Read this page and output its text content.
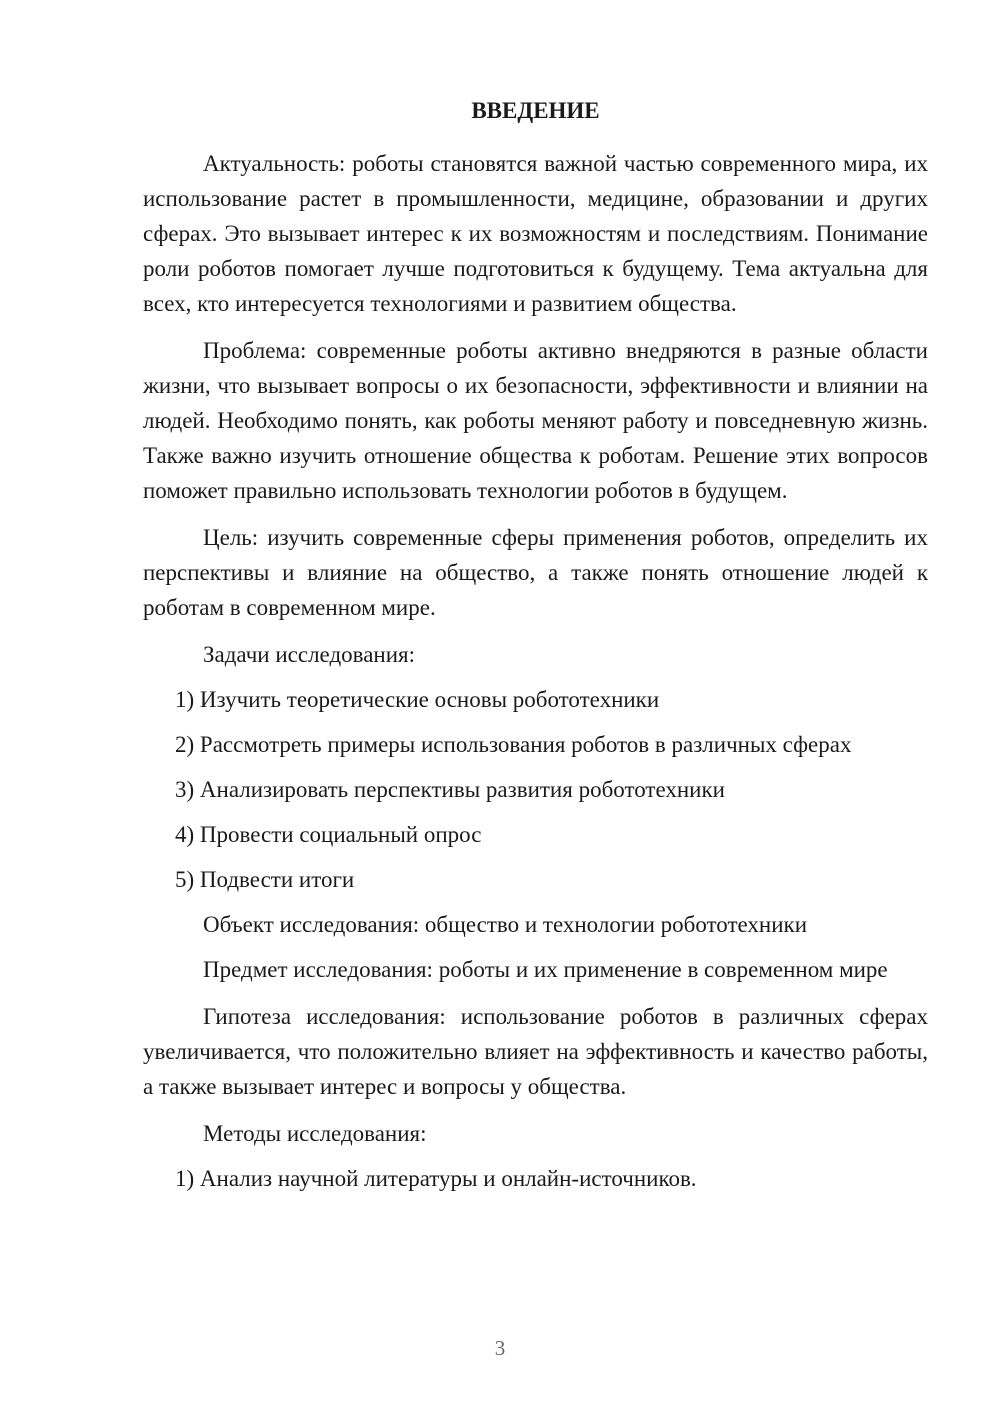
ВВЕДЕНИЕ

Актуальность: роботы становятся важной частью современного мира, их использование растет в промышленности, медицине, образовании и других сферах. Это вызывает интерес к их возможностям и последствиям. Понимание роли роботов помогает лучше подготовиться к будущему. Тема актуальна для всех, кто интересуется технологиями и развитием общества.

Проблема: современные роботы активно внедряются в разные области жизни, что вызывает вопросы о их безопасности, эффективности и влиянии на людей. Необходимо понять, как роботы меняют работу и повседневную жизнь. Также важно изучить отношение общества к роботам. Решение этих вопросов поможет правильно использовать технологии роботов в будущем.

Цель: изучить современные сферы применения роботов, определить их перспективы и влияние на общество, а также понять отношение людей к роботам в современном мире.

Задачи исследования:

1) Изучить теоретические основы робототехники

2) Рассмотреть примеры использования роботов в различных сферах

3) Анализировать перспективы развития робототехники

4) Провести социальный опрос

5) Подвести итоги

Объект исследования: общество и технологии робототехники

Предмет исследования: роботы и их применение в современном мире

Гипотеза исследования: использование роботов в различных сферах увеличивается, что положительно влияет на эффективность и качество работы, а также вызывает интерес и вопросы у общества.

Методы исследования:

1) Анализ научной литературы и онлайн-источников.

3
